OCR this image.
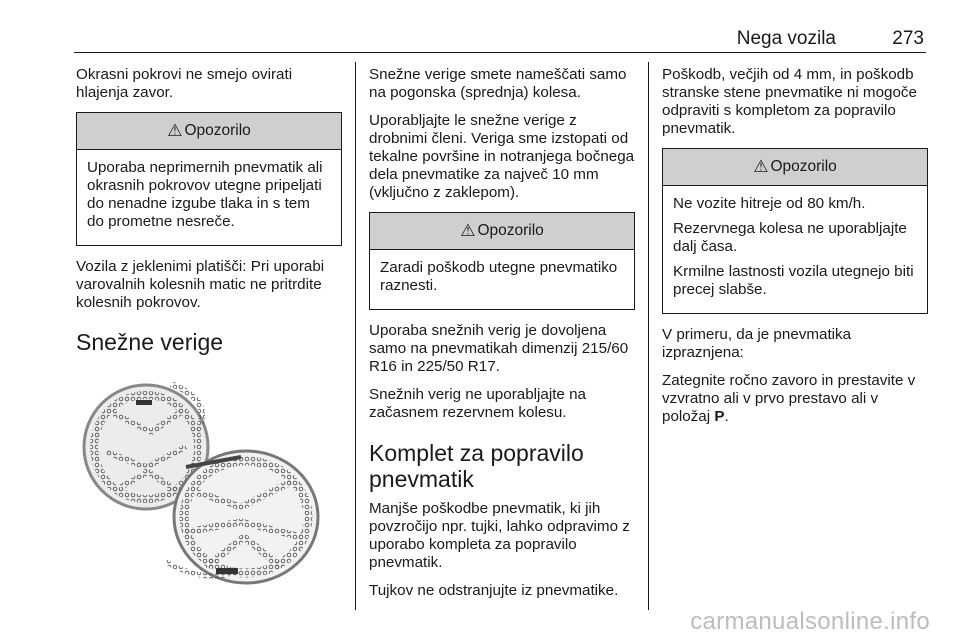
Nega vozila	273

Okrasni pokrovi ne smejo ovirati hlajenja zavor.

⚠ Opozorilo

Uporaba neprimernih pnevmatik ali okrasnih pokrovov utegne pripeljati do nenadne izgube tlaka in s tem do prometne nesreče.

Vozila z jeklenimi platišči: Pri uporabi varovalnih kolesnih matic ne pritrdite kolesnih pokrovov.

Snežne verige

Snežne verige smete nameščati samo na pogonska (sprednja) kolesa.

Uporabljajte le snežne verige z drobnimi členi. Veriga sme izstopati od tekalne površine in notranjega bočnega dela pnevmatike za največ 10 mm (vključno z zaklepom).

⚠ Opozorilo

Zaradi poškodb utegne pnevmatiko raznesti.

Uporaba snežnih verig je dovoljena samo na pnevmatikah dimenzij 215/60 R16 in 225/50 R17.

Snežnih verig ne uporabljajte na začasnem rezervnem kolesu.

Komplet za popravilo pnevmatik

Manjše poškodbe pnevmatik, ki jih povzročijo npr. tujki, lahko odpravimo z uporabo kompleta za popravilo pnevmatik.

Tujkov ne odstranjujte iz pnevmatike.

Poškodb, večjih od 4 mm, in poškodb stranske stene pnevmatike ni mogoče odpraviti s kompletom za popravilo pnevmatik.

⚠ Opozorilo

Ne vozite hitreje od 80 km/h.

Rezervnega kolesa ne uporabljajte dalj časa.

Krmilne lastnosti vozila utegnejo biti precej slabše.

V primeru, da je pnevmatika izpraznjena:

Zategnite ročno zavoro in prestavite v vzvratno ali v prvo prestavo ali v položaj P.

carmanualsonline.info
